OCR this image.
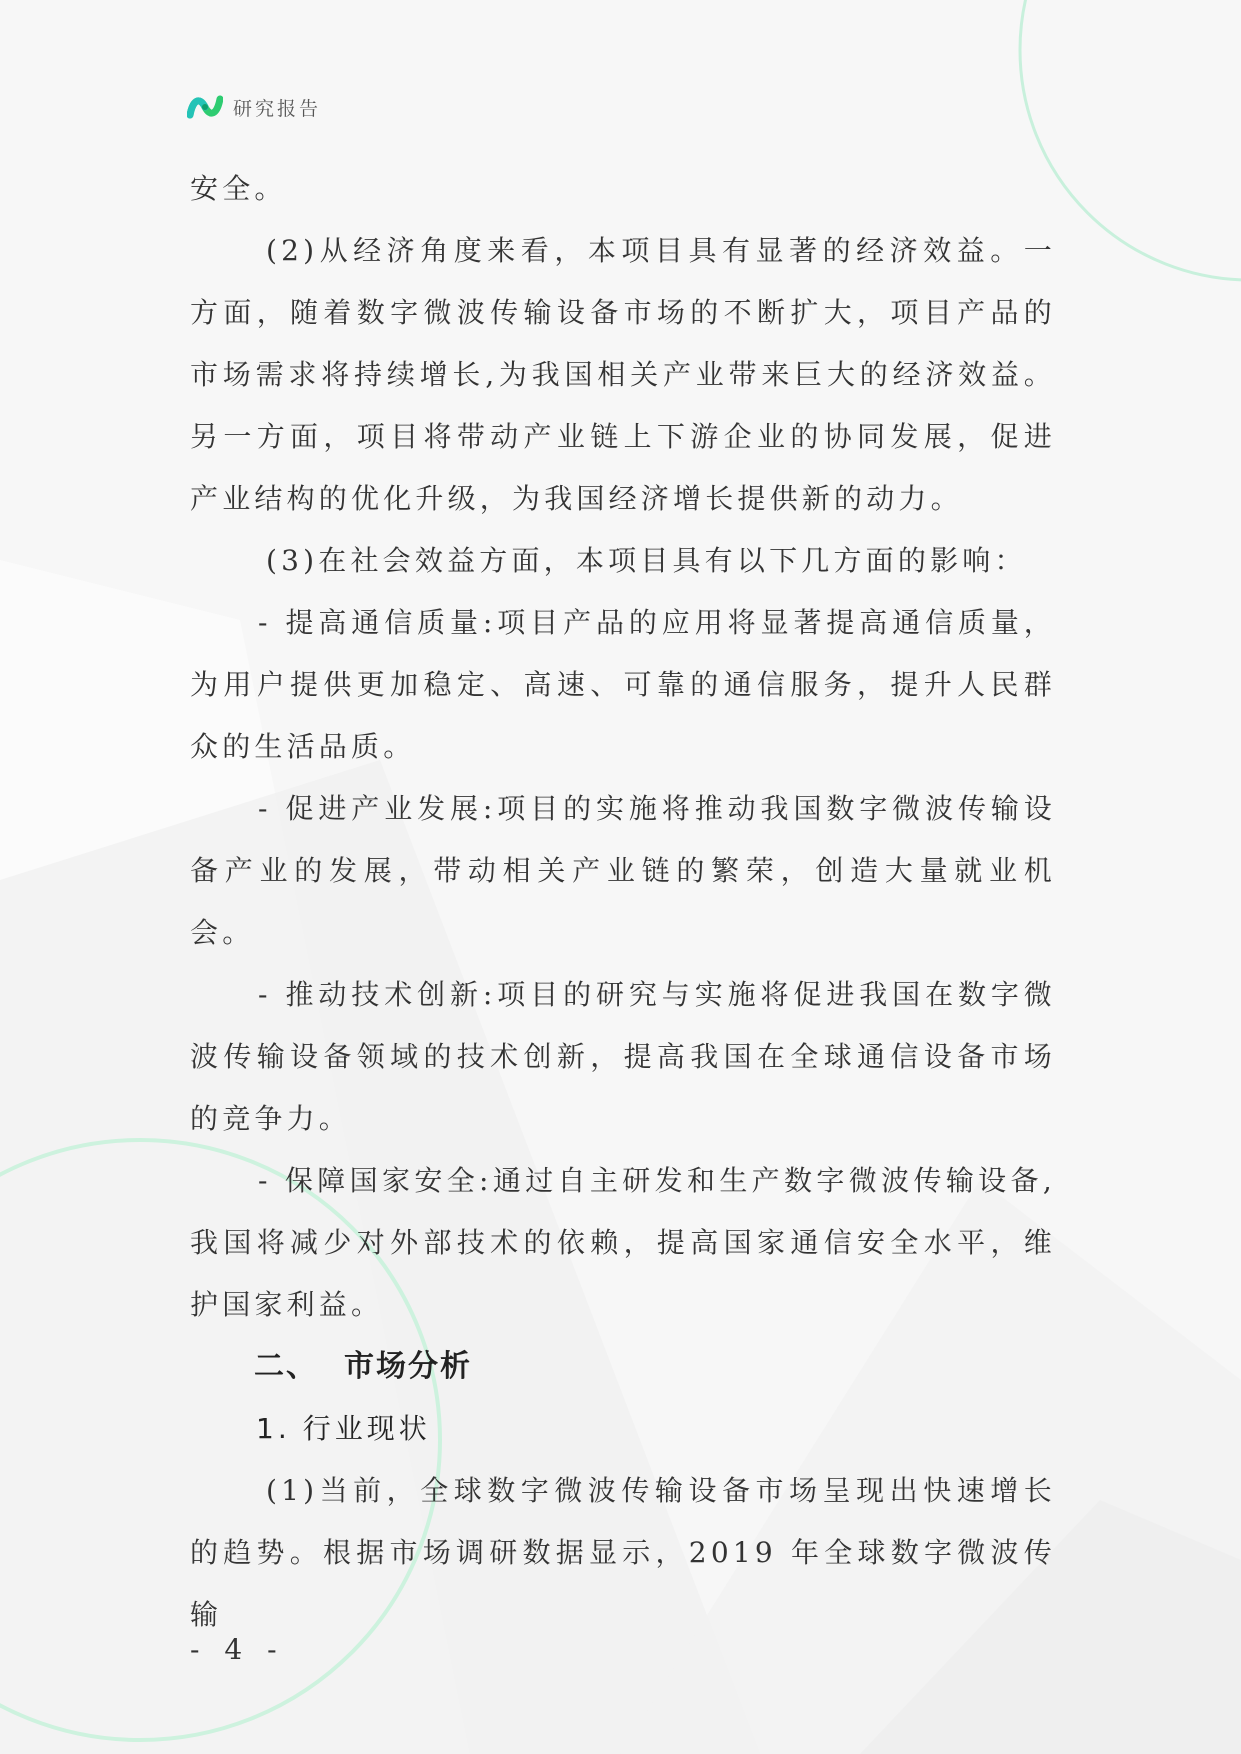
研究报告

安全。

(2)从经济角度来看，本项目具有显著的经济效益。一方面，随着数字微波传输设备市场的不断扩大，项目产品的市场需求将持续增长,为我国相关产业带来巨大的经济效益。另一方面，项目将带动产业链上下游企业的协同发展，促进产业结构的优化升级，为我国经济增长提供新的动力。

(3)在社会效益方面，本项目具有以下几方面的影响：

- 提高通信质量:项目产品的应用将显著提高通信质量，为用户提供更加稳定、高速、可靠的通信服务，提升人民群众的生活品质。

- 促进产业发展:项目的实施将推动我国数字微波传输设备产业的发展，带动相关产业链的繁荣，创造大量就业机会。

- 推动技术创新:项目的研究与实施将促进我国在数字微波传输设备领域的技术创新，提高我国在全球通信设备市场的竞争力。

- 保障国家安全:通过自主研发和生产数字微波传输设备,我国将减少对外部技术的依赖，提高国家通信安全水平，维护国家利益。

二、 市场分析
1. 行业现状

(1)当前，全球数字微波传输设备市场呈现出快速增长的趋势。根据市场调研数据显示，2019 年全球数字微波传输

- 4 -
